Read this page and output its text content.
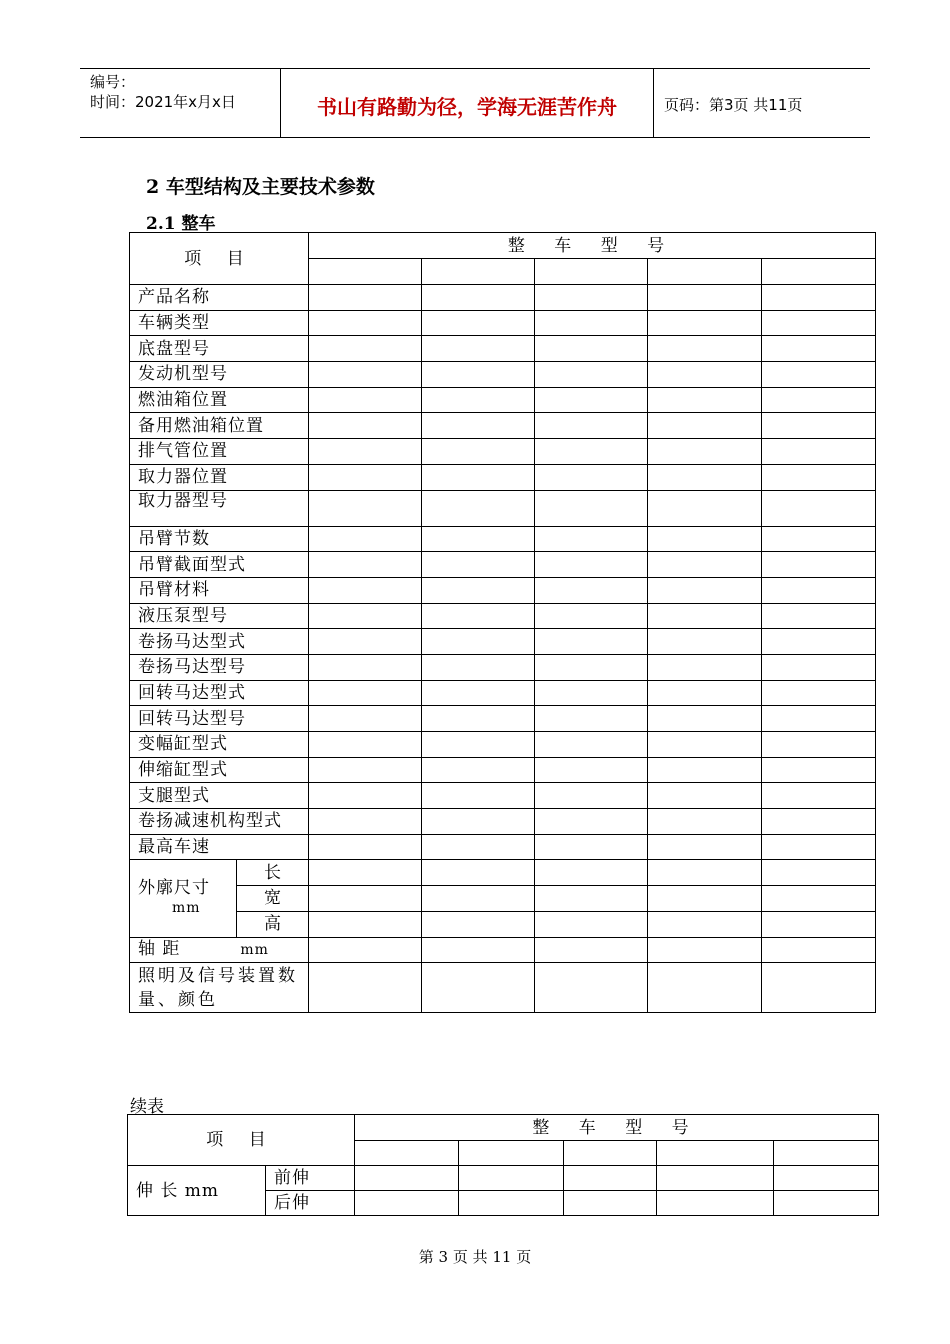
编号：
时间：2021年x月x日	书山有路勤为径，学海无涯苦作舟	页码：第3页 共11页
2 车型结构及主要技术参数
2.1 整车
项 目		整 车 型 号				

产品名称						
车辆类型						
底盘型号						
发动机型号						
燃油箱位置						
备用燃油箱位置						
排气管位置						
取力器位置						
取力器型号						
吊臂节数						
吊臂截面型式						
吊臂材料						
液压泵型号						
卷扬马达型式						
卷扬马达型号						
回转马达型式						
回转马达型号						
变幅缸型式						
伸缩缸型式						
支腿型式						
卷扬减速机构型式						
最高车速						

外廓尺寸
mm	长					
	宽					
	高					
轴 距 mm						
照明及信号装置数量、颜色						
续表
项 目		整 车 型 号				

伸 长 mm	前伸					
	后伸					
第 3 页 共 11 页
